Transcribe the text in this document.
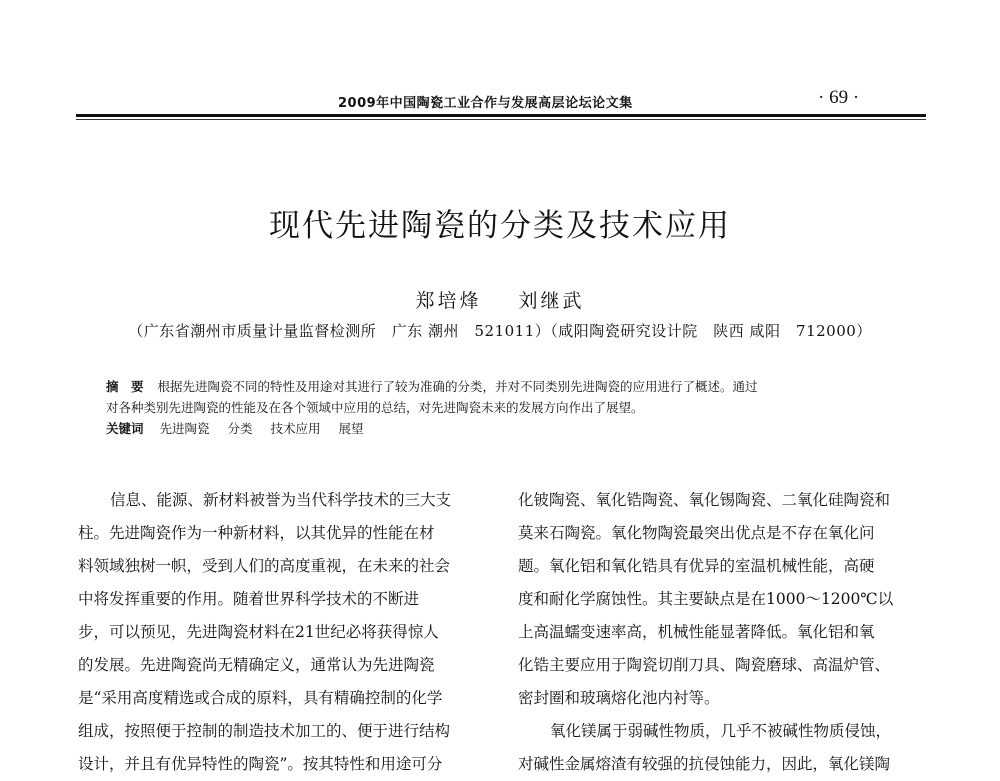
2009年中国陶瓷工业合作与发展高层论坛论文集	· 69 ·
现代先进陶瓷的分类及技术应用
郑培烽 刘继武
（广东省潮州市质量计量监督检测所　广东 潮州　521011）（咸阳陶瓷研究设计院　陕西 咸阳　712000）
摘　要 根据先进陶瓷不同的特性及用途对其进行了较为准确的分类，并对不同类别先进陶瓷的应用进行了概述。通过
对各种类别先进陶瓷的性能及在各个领域中应用的总结，对先进陶瓷未来的发展方向作出了展望。
关键词 先进陶瓷 分类 技术应用 展望
信息、能源、新材料被誉为当代科学技术的三大支
柱。先进陶瓷作为一种新材料，以其优异的性能在材
料领域独树一帜，受到人们的高度重视，在未来的社会
中将发挥重要的作用。随着世界科学技术的不断进
步，可以预见，先进陶瓷材料在21世纪必将获得惊人
的发展。先进陶瓷尚无精确定义，通常认为先进陶瓷
是“采用高度精选或合成的原料，具有精确控制的化学
组成，按照便于控制的制造技术加工的、便于进行结构
设计，并且有优异特性的陶瓷”。按其特性和用途可分
化铍陶瓷、氧化锆陶瓷、氧化锡陶瓷、二氧化硅陶瓷和
莫来石陶瓷。氧化物陶瓷最突出优点是不存在氧化问
题。氧化铝和氧化锆具有优异的室温机械性能，高硬
度和耐化学腐蚀性。其主要缺点是在1000～1200℃以
上高温蠕变速率高，机械性能显著降低。氧化铝和氧
化锆主要应用于陶瓷切削刀具、陶瓷磨球、高温炉管、
密封圈和玻璃熔化池内衬等。
氧化镁属于弱碱性物质，几乎不被碱性物质侵蚀，
对碱性金属熔渣有较强的抗侵蚀能力，因此，氧化镁陶
